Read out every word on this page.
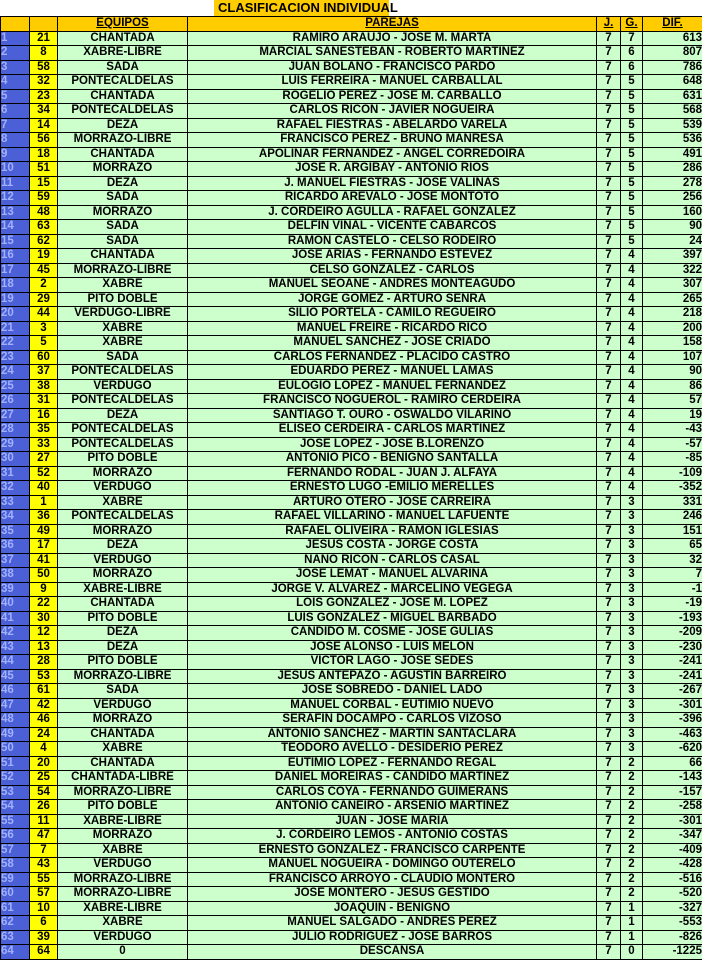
CLASIFICACION INDIVIDUAL
		EQUIPOS	PAREJAS	J.	G.	DIF.
1	21	CHANTADA	RAMIRO ARAUJO - JOSÉ M. MARTA	7	7	613
2	8	XABRE-LIBRE	MARCIAL SANESTEBAN - ROBERTO MARTÍNEZ	7	6	807
3	58	SADA	JUAN BOLAÑO - FRANCISCO PARDO	7	6	786
4	32	PONTECALDELAS	LUIS FERREIRA - MANUEL CARBALLAL	7	5	648
5	23	CHANTADA	ROGELIO PÉREZ - JOSÉ M. CARBALLO	7	5	631
6	34	PONTECALDELAS	CARLOS RICÓN - JAVIER NOGUEIRA	7	5	568
7	14	DEZA	RAFAEL FIESTRAS - ABELARDO VARELA	7	5	539
8	56	MORRAZO-LIBRE	FRANCISCO PÉREZ - BRUNO MANRESA	7	5	536
9	18	CHANTADA	APOLINAR FERNÁNDEZ - ÁNGEL CORREDOIRA	7	5	491
10	51	MORRAZO	JOSÉ R. ARGIBAY - ANTONIO RIOS	7	5	286
11	15	DEZA	J. MANUEL FIESTRAS - JOSÉ VALIÑAS	7	5	278
12	59	SADA	RICARDO ARÉVALO - JOSÉ MONTOTO	7	5	256
13	48	MORRAZO	J. CORDEIRO AGULLA - RAFAEL GONZÁLEZ	7	5	160
14	63	SADA	DELFÍN VIÑAL - VICENTE CABARCOS	7	5	90
15	62	SADA	RAMÓN CASTELO - CELSO RODEIRO	7	5	24
16	19	CHANTADA	JOSÉ ARIAS - FERNANDO ESTÉVEZ	7	4	397
17	45	MORRAZO-LIBRE	CELSO GONZÁLEZ - CARLOS	7	4	322
18	2	XABRE	MANUEL SEOANE - ANDRÉS MONTEAGUDO	7	4	307
19	29	PITO DOBLE	JORGE GÓMEZ - ARTURO SENRA	7	4	265
20	44	VERDUGO-LIBRE	SILIO PORTELA - CAMILO REGUEIRO	7	4	218
21	3	XABRE	MANUEL FREIRE - RICARDO RICO	7	4	200
22	5	XABRE	MANUEL SÁNCHEZ - JOSÉ CRIADO	7	4	158
23	60	SADA	CARLOS FERNÁNDEZ - PLÁCIDO CASTRO	7	4	107
24	37	PONTECALDELAS	EDUARDO PÉREZ - MANUEL LAMAS	7	4	90
25	38	VERDUGO	EULOGIO LÓPEZ - MANUEL FERNÁNDEZ	7	4	86
26	31	PONTECALDELAS	FRANCISCO NOGUEROL - RAMIRO CERDEIRA	7	4	57
27	16	DEZA	SANTIAGO T. OURO - OSWALDO VILARIÑO	7	4	19
28	35	PONTECALDELAS	ELISEO CERDEIRA - CARLOS MARTÍNEZ	7	4	-43
29	33	PONTECALDELAS	JOSÉ LÓPEZ - JOSÉ B.LORENZO	7	4	-57
30	27	PITO DOBLE	ANTONIO PICO - BENIGNO SANTALLA	7	4	-85
31	52	MORRAZO	FERNANDO RODAL - JUAN J. ALFAYA	7	4	-109
32	40	VERDUGO	ERNESTO LUGO -EMILIO MERELLES	7	4	-352
33	1	XABRE	ARTURO OTERO - JOSÉ CARREIRA	7	3	331
34	36	PONTECALDELAS	RAFAEL VILLARIÑO - MANUEL LAFUENTE	7	3	246
35	49	MORRAZO	RAFAEL OLIVEIRA - RAMÓN IGLESIAS	7	3	151
36	17	DEZA	JESÚS COSTA - JORGE COSTA	7	3	65
37	41	VERDUGO	NANO RICÓN - CARLOS CASAL	7	3	32
38	50	MORRAZO	JOSÉ LEMAT - MANUEL ALVARIÑA	7	3	7
39	9	XABRE-LIBRE	JORGE V. ÁLVAREZ - MARCELINO VEGEGA	7	3	-1
40	22	CHANTADA	LOIS GONZÁLEZ - JOSÉ M. LÓPEZ	7	3	-19
41	30	PITO DOBLE	LUIS GONZÁLEZ - MIGUEL BARBADO	7	3	-193
42	12	DEZA	CÁNDIDO M. COSME - JOSÉ GULÍAS	7	3	-209
43	13	DEZA	JOSÉ ALONSO - LUIS MELÓN	7	3	-230
44	28	PITO DOBLE	VICTOR LAGO - JOSÉ SEDES	7	3	-241
45	53	MORRAZO-LIBRE	JESÚS ANTEPAZO - AGUSTÍN BARREIRO	7	3	-241
46	61	SADA	JOSÉ SOBREDO - DANIEL LADO	7	3	-267
47	42	VERDUGO	MANUEL CORBAL - EUTIMIO NUEVO	7	3	-301
48	46	MORRAZO	SERAFÍN DOCAMPO - CARLOS VIZOSO	7	3	-396
49	24	CHANTADA	ANTONIO SÁNCHEZ - MARTÍN SANTACLARA	7	3	-463
50	4	XABRE	TEODORO AVELLÓ - DESIDERIO PÉREZ	7	3	-620
51	20	CHANTADA	EUTIMIO LÓPEZ - FERNANDO REGAL	7	2	66
52	25	CHANTADA-LIBRE	DANIEL MOREIRAS - CANDIDO MARTINEZ	7	2	-143
53	54	MORRAZO-LIBRE	CARLOS COYA - FERNANDO GUIMERANS	7	2	-157
54	26	PITO DOBLE	ANTONIO CANEIRO - ARSENIO MARTÍNEZ	7	2	-258
55	11	XABRE-LIBRE	JUAN - JOSÉ MARÍA	7	2	-301
56	47	MORRAZO	J. CORDEIRO LEMOS - ANTONIO COSTAS	7	2	-347
57	7	XABRE	ERNESTO GONZÁLEZ - FRANCISCO CARPENTE	7	2	-409
58	43	VERDUGO	MANUEL NOGUEIRA - DOMINGO OUTERELO	7	2	-428
59	55	MORRAZO-LIBRE	FRANCISCO ARROYO - CLAUDIO MONTERO	7	2	-516
60	57	MORRAZO-LIBRE	JOSÉ MONTERO - JESÚS GESTIDO	7	2	-520
61	10	XABRE-LIBRE	JOAQUÍN - BENIGNO	7	1	-327
62	6	XABRE	MANUEL SALGADO - ANDRÉS PÉREZ	7	1	-553
63	39	VERDUGO	JULIO RODRÍGUEZ - JOSÉ BARROS	7	1	-826
64	64	0	DESCANSA	7	0	-1225
